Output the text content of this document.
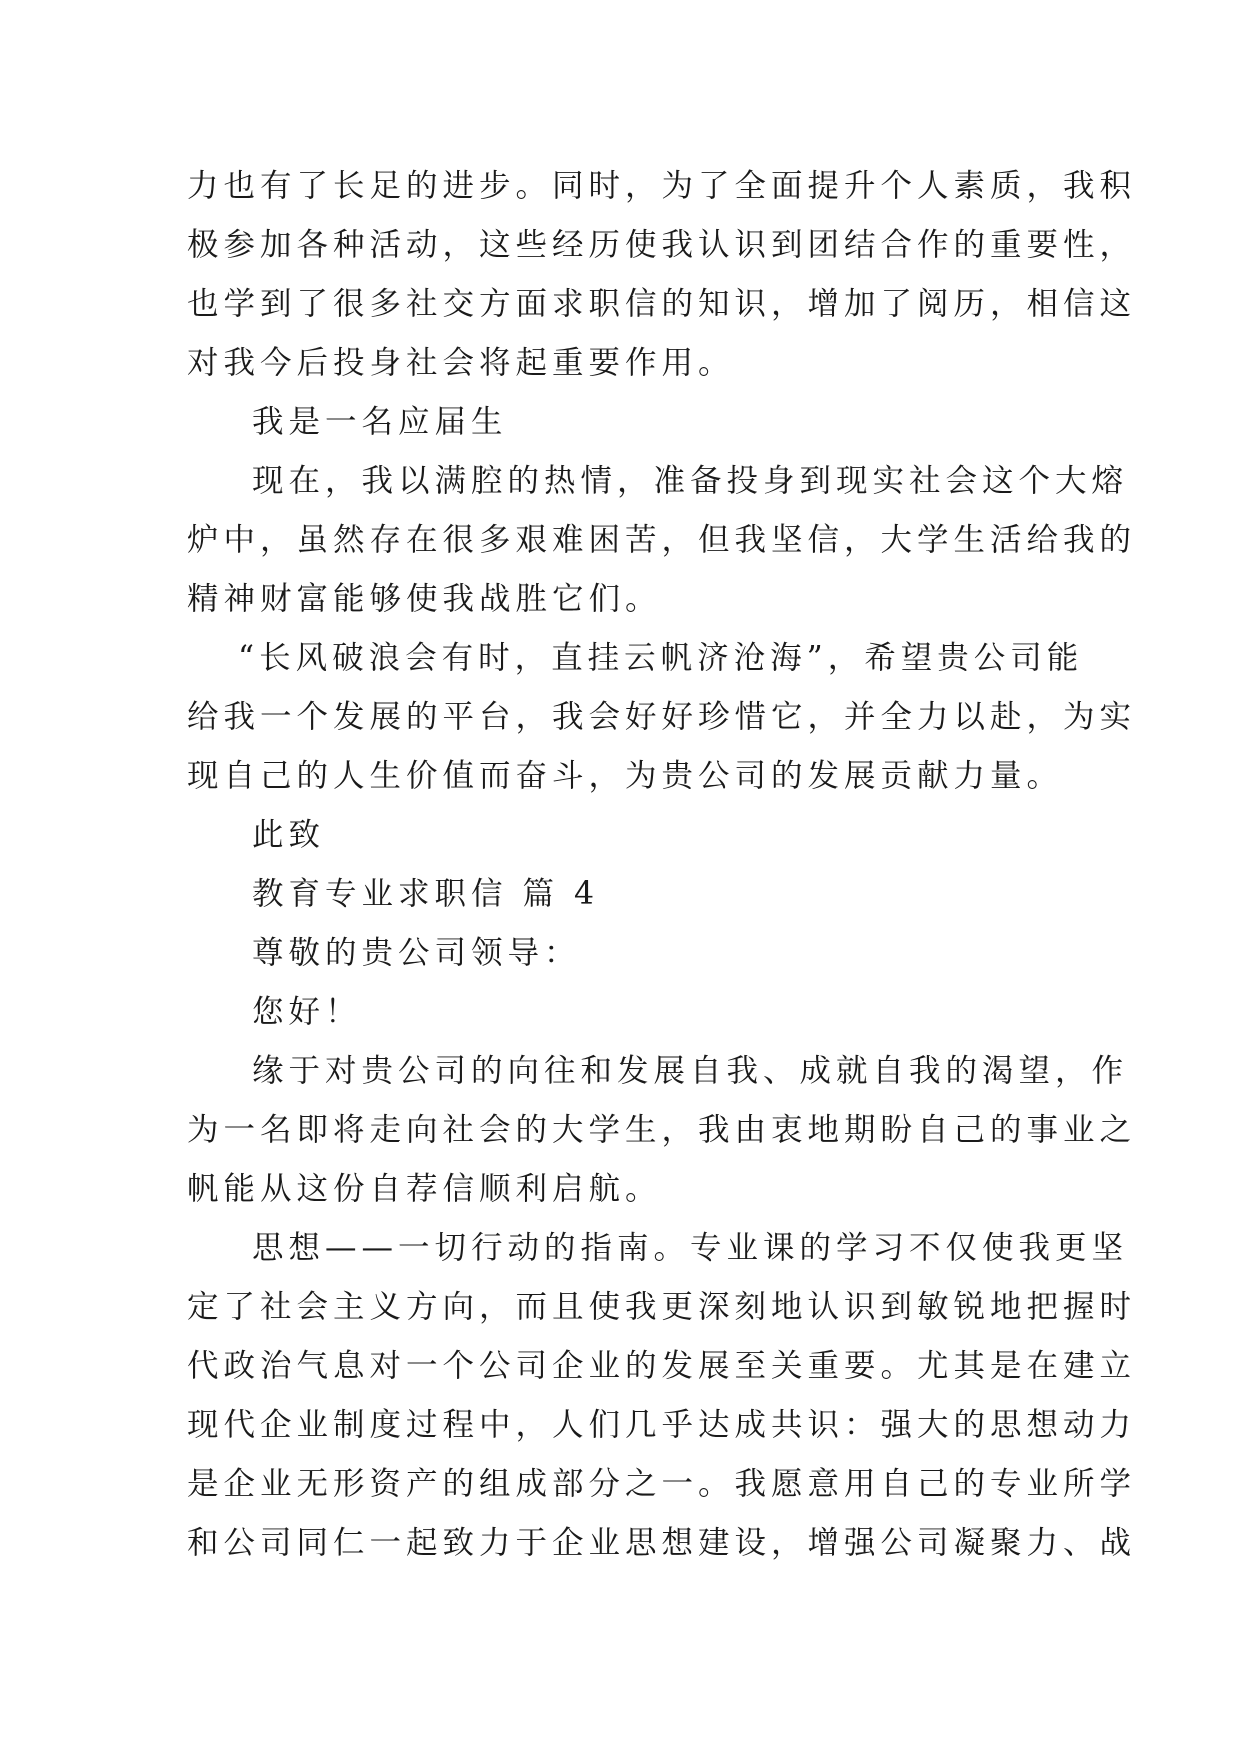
力也有了长足的进步。同时，为了全面提升个人素质，我积
极参加各种活动，这些经历使我认识到团结合作的重要性，
也学到了很多社交方面求职信的知识，增加了阅历，相信这
对我今后投身社会将起重要作用。
我是一名应届生
现在，我以满腔的热情，准备投身到现实社会这个大熔
炉中，虽然存在很多艰难困苦，但我坚信，大学生活给我的
精神财富能够使我战胜它们。
“长风破浪会有时，直挂云帆济沧海”，希望贵公司能
给我一个发展的平台，我会好好珍惜它，并全力以赴，为实
现自己的人生价值而奋斗，为贵公司的发展贡献力量。
此致
教育专业求职信 篇 4
尊敬的贵公司领导：
您好！
缘于对贵公司的向往和发展自我、成就自我的渴望，作
为一名即将走向社会的大学生，我由衷地期盼自己的事业之
帆能从这份自荐信顺利启航。
思想——一切行动的指南。专业课的学习不仅使我更坚
定了社会主义方向，而且使我更深刻地认识到敏锐地把握时
代政治气息对一个公司企业的发展至关重要。尤其是在建立
现代企业制度过程中，人们几乎达成共识：强大的思想动力
是企业无形资产的组成部分之一。我愿意用自己的专业所学
和公司同仁一起致力于企业思想建设，增强公司凝聚力、战
